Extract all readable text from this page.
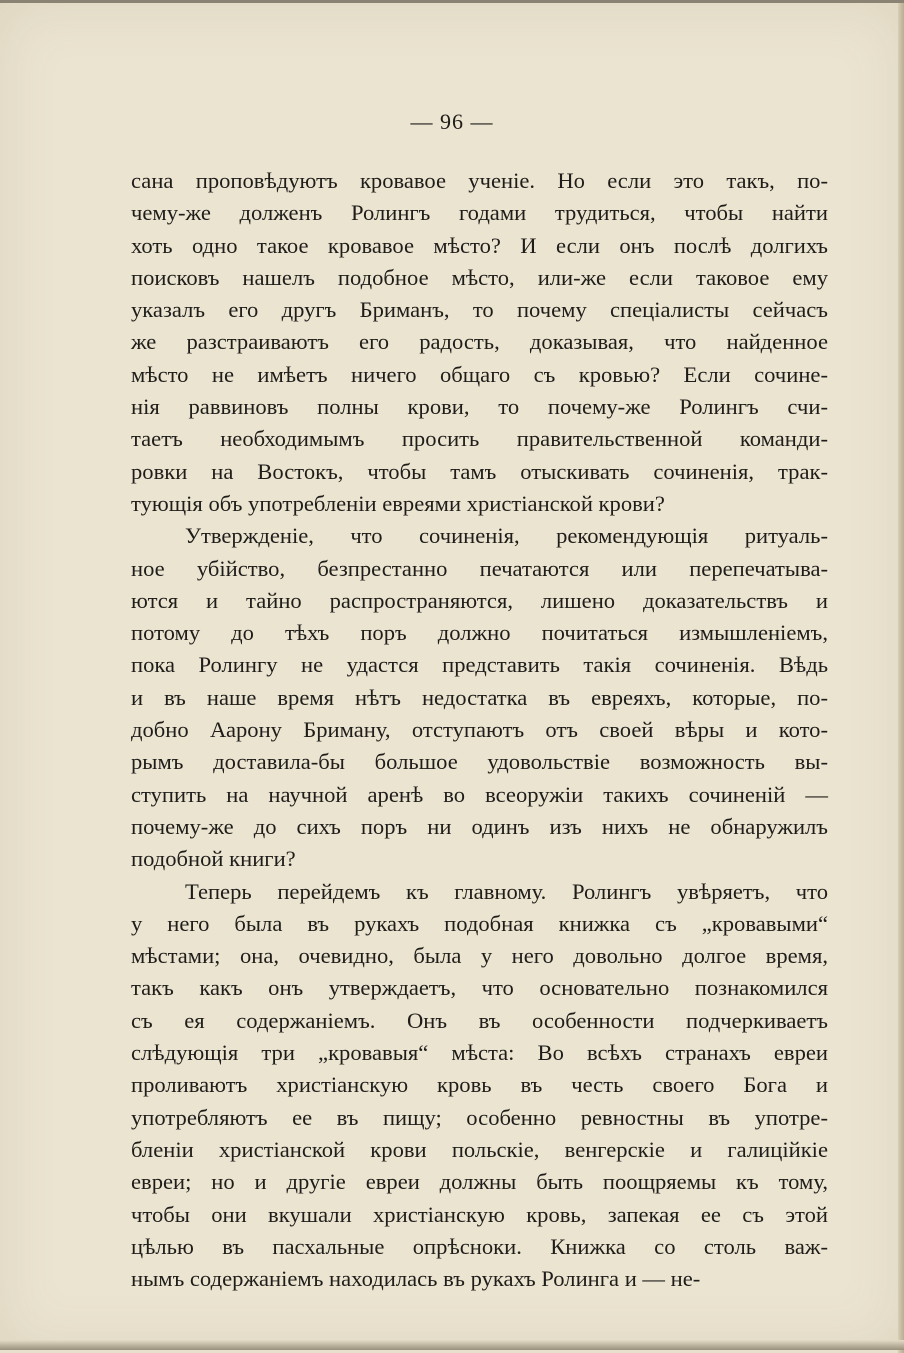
— 96 —
сана проповѣдуютъ кровавое ученіе. Но если это такъ, по-
чему-же долженъ Ролингъ годами трудиться, чтобы найти
хоть одно такое кровавое мѣсто? И если онъ послѣ долгихъ
поисковъ нашелъ подобное мѣсто, или-же если таковое ему
указалъ его другъ Бриманъ, то почему спеціалисты сейчасъ
же разстраиваютъ его радость, доказывая, что найденное
мѣсто не имѣетъ ничего общаго съ кровью? Если сочине-
нія раввиновъ полны крови, то почему-же Ролингъ счи-
таетъ необходимымъ просить правительственной команди-
ровки на Востокъ, чтобы тамъ отыскивать сочиненія, трак-
тующія объ употребленіи евреями христіанской крови?
Утвержденіе, что сочиненія, рекомендующія ритуаль-
ное убійство, безпрестанно печатаются или перепечатыва-
ются и тайно распространяются, лишено доказательствъ и
потому до тѣхъ поръ должно почитаться измышленіемъ,
пока Ролингу не удастся представить такія сочиненія. Вѣдь
и въ наше время нѣтъ недостатка въ евреяхъ, которые, по-
добно Аарону Бриману, отступаютъ отъ своей вѣры и кото-
рымъ доставила-бы большое удовольствіе возможность вы-
ступить на научной аренѣ во всеоружіи такихъ сочиненій —
почему-же до сихъ поръ ни одинъ изъ нихъ не обнаружилъ
подобной книги?
Теперь перейдемъ къ главному. Ролингъ увѣряетъ, что
у него была въ рукахъ подобная книжка съ „кровавыми“
мѣстами; она, очевидно, была у него довольно долгое время,
такъ какъ онъ утверждаетъ, что основательно познакомился
съ ея содержаніемъ. Онъ въ особенности подчеркиваетъ
слѣдующія три „кровавыя“ мѣста: Во всѣхъ странахъ евреи
проливаютъ христіанскую кровь въ честь своего Бога и
употребляютъ ее въ пищу; особенно ревностны въ употре-
бленіи христіанской крови польскіе, венгерскіе и галиційкіе
евреи; но и другіе евреи должны быть поощряемы къ тому,
чтобы они вкушали христіанскую кровь, запекая ее съ этой
цѣлью въ пасхальные опрѣсноки. Книжка со столь важ-
нымъ содержаніемъ находилась въ рукахъ Ролинга и — не-
